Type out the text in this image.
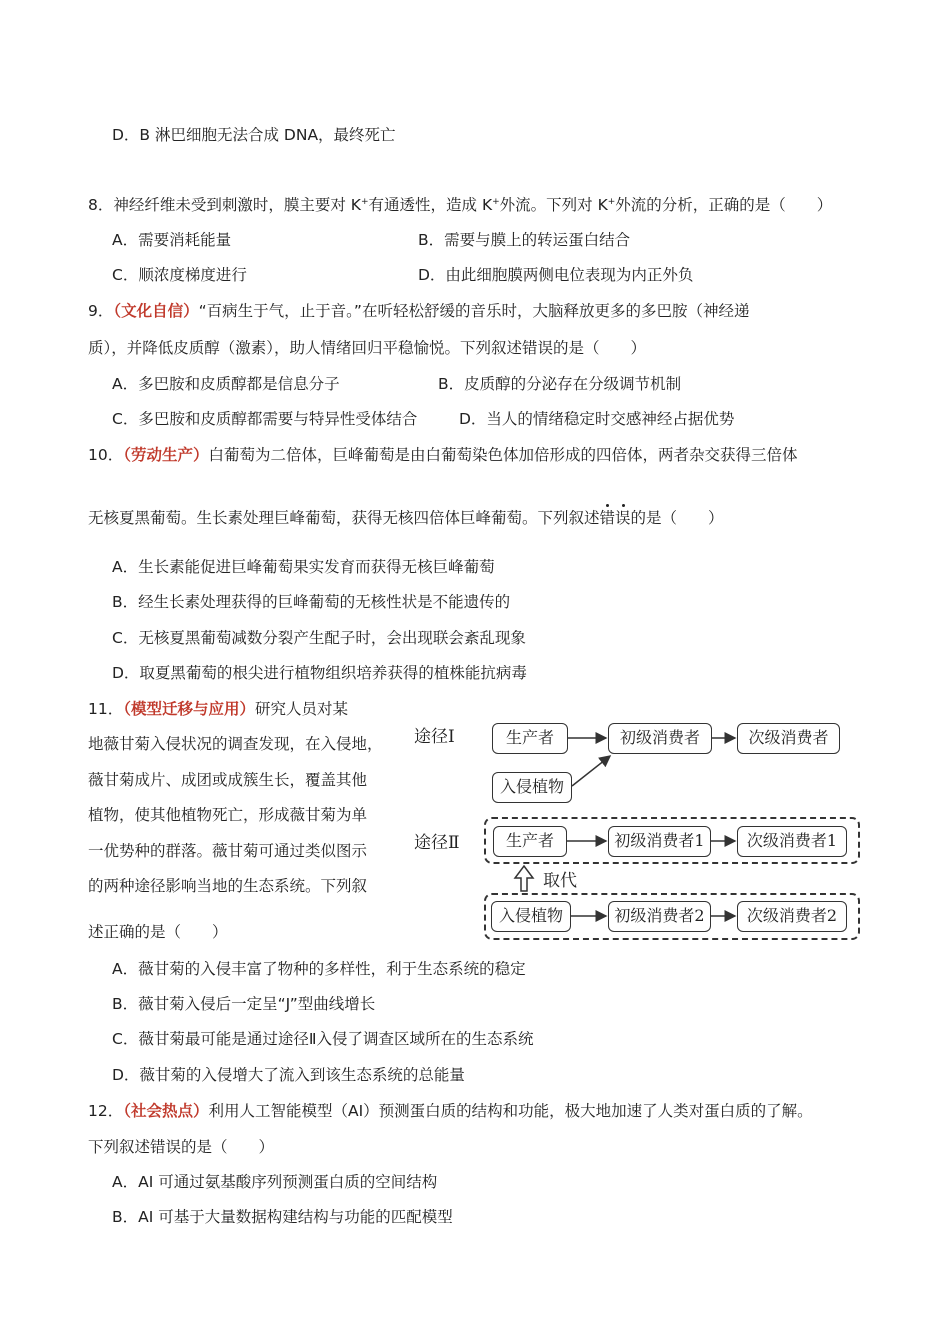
D．B 淋巴细胞无法合成 DNA，最终死亡
8．神经纤维未受到刺激时，膜主要对 K+有通透性，造成 K+外流。下列对 K+外流的分析，正确的是（　　）
A．需要消耗能量	B．需要与膜上的转运蛋白结合
C．顺浓度梯度进行	D．由此细胞膜两侧电位表现为内正外负
9．（文化自信）“百病生于气，止于音。”在听轻松舒缓的音乐时，大脑释放更多的多巴胺（神经递
质），并降低皮质醇（激素），助人情绪回归平稳愉悦。下列叙述错误的是（　　）
A．多巴胺和皮质醇都是信息分子	B．皮质醇的分泌存在分级调节机制
C．多巴胺和皮质醇都需要与特异性受体结合	D．当人的情绪稳定时交感神经占据优势
10．（劳动生产）白葡萄为二倍体，巨峰葡萄是由白葡萄染色体加倍形成的四倍体，两者杂交获得三倍体
无核夏黑葡萄。生长素处理巨峰葡萄，获得无核四倍体巨峰葡萄。下列叙述
错误的是（　　）
A．生长素能促进巨峰葡萄果实发育而获得无核巨峰葡萄
B．经生长素处理获得的巨峰葡萄的无核性状是不能遗传的
C．无核夏黑葡萄减数分裂产生配子时，会出现联会紊乱现象
D．取夏黑葡萄的根尖进行植物组织培养获得的植株能抗病毒
11．（模型迁移与应用）研究人员对某
地薇甘菊入侵状况的调查发现，在入侵地，
薇甘菊成片、成团或成簇生长，覆盖其他
植物，使其他植物死亡，形成薇甘菊为单
一优势种的群落。薇甘菊可通过类似图示
的两种途径影响当地的生态系统。下列叙
述正确的是（　　）
途径Ⅰ
途径Ⅱ
生产者	初级消费者	次级消费者
入侵植物
生产者	初级消费者1	次级消费者1
入侵植物	初级消费者2	次级消费者2
取代
A．薇甘菊的入侵丰富了物种的多样性，利于生态系统的稳定
B．薇甘菊入侵后一定呈“J”型曲线增长
C．薇甘菊最可能是通过途径Ⅱ入侵了调查区域所在的生态系统
D．薇甘菊的入侵增大了流入到该生态系统的总能量
12．（社会热点）利用人工智能模型（AI）预测蛋白质的结构和功能，极大地加速了人类对蛋白质的了解。
下列叙述错误的是（　　）
A．AI 可通过氨基酸序列预测蛋白质的空间结构
B．AI 可基于大量数据构建结构与功能的匹配模型
